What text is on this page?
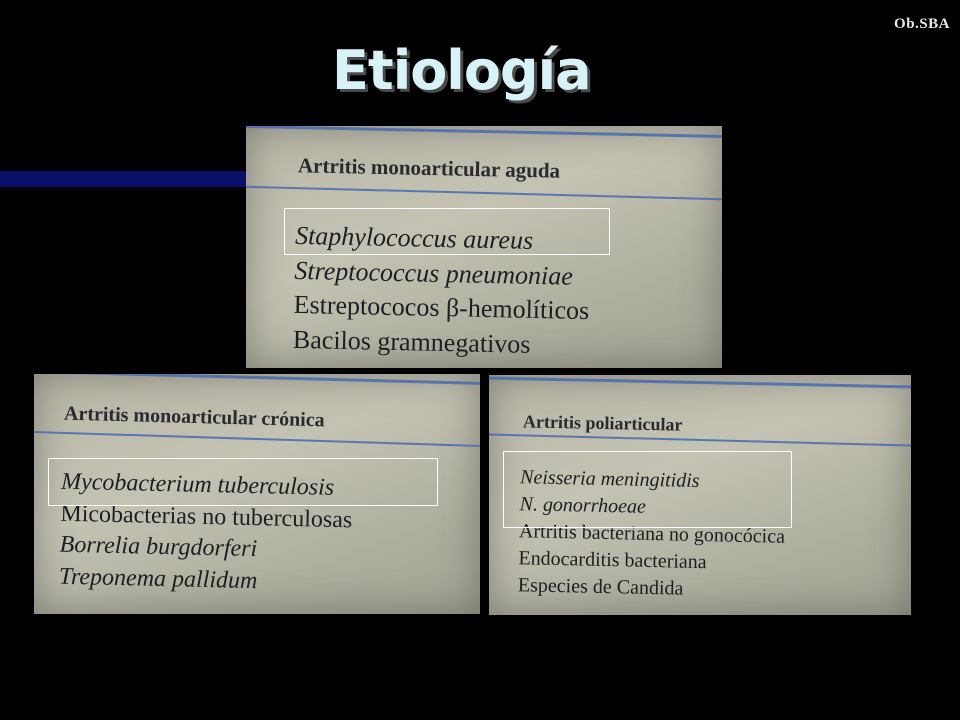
Ob.SBA
Etiología
Artritis monoarticular aguda
Staphylococcus aureus
Streptococcus pneumoniae
Estreptococos β-hemolíticos
Bacilos gramnegativos
Artritis monoarticular crónica
Mycobacterium tuberculosis
Micobacterias no tuberculosas
Borrelia burgdorferi
Treponema pallidum
Artritis poliarticular
Neisseria meningitidis
N. gonorrhoeae
Artritis bacteriana no gonocócica
Endocarditis bacteriana
Especies de Candida
